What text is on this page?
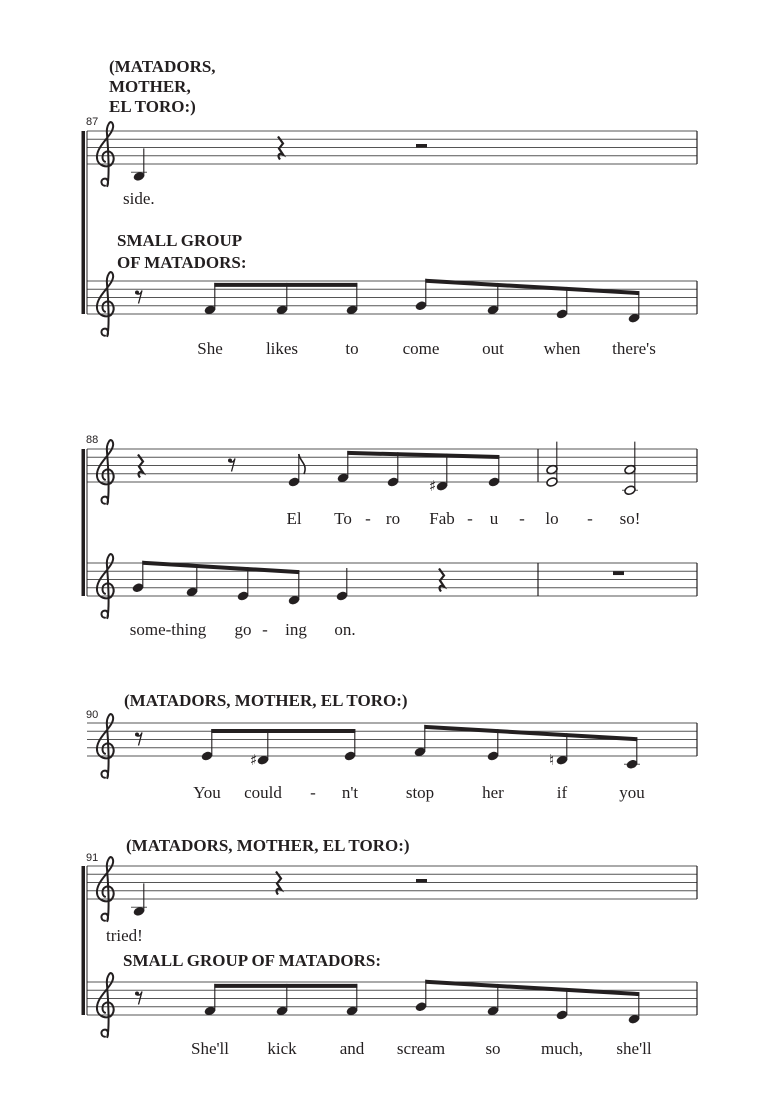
87
(MATADORS,
MOTHER,
EL TORO:)
side.
SMALL GROUP
OF MATADORS:
She	likes	to	come	out when there's
88
♯
El To - ro Fab - u - lo - so!
some-thing go - ing on.
90
(MATADORS, MOTHER, EL TORO:)
♯	♮
You could - n't	stop	her	if	you
91
(MATADORS, MOTHER, EL TORO:)
tried!
SMALL GROUP OF MATADORS:
She'll kick	and scream so much, she'll
